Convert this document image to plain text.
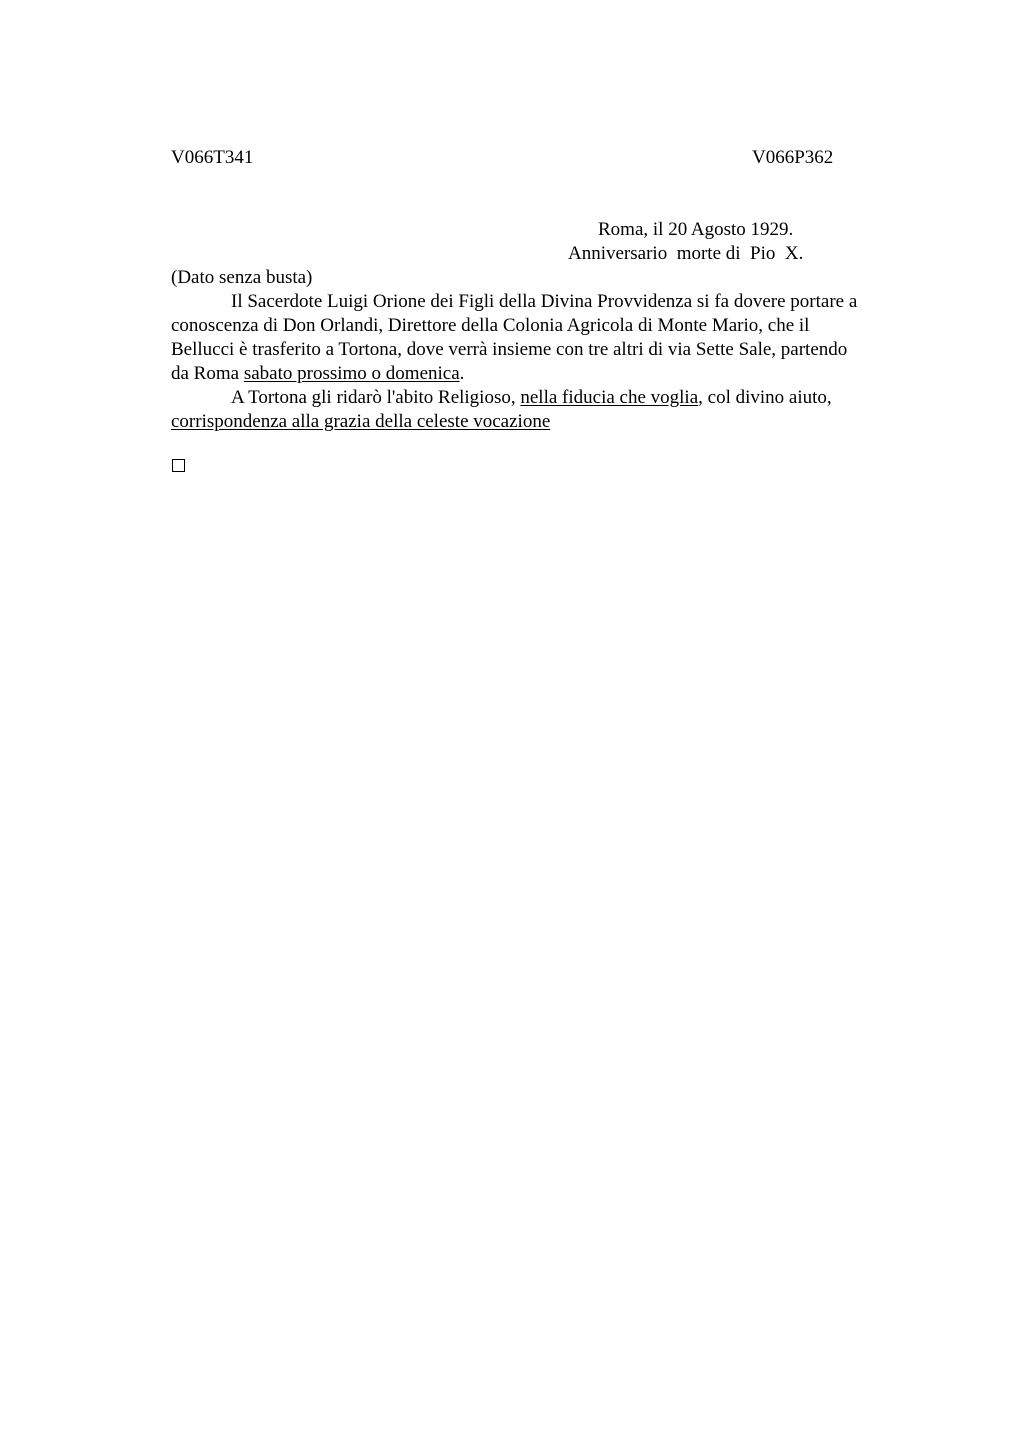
V066T341	V066P362
Roma, il 20 Agosto 1929.
Anniversario  morte di  Pio  X.
(Dato senza busta)
Il Sacerdote Luigi Orione dei Figli della Divina Provvidenza si fa dovere portare a
conoscenza di Don Orlandi, Direttore della Colonia Agricola di Monte Mario, che il
Bellucci è trasferito a Tortona, dove verrà insieme con tre altri di via Sette Sale, partendo
da Roma sabato prossimo o domenica.
A Tortona gli ridarò l'abito Religioso, nella fiducia che voglia, col divino aiuto,
corrispondenza alla grazia della celeste vocazione
